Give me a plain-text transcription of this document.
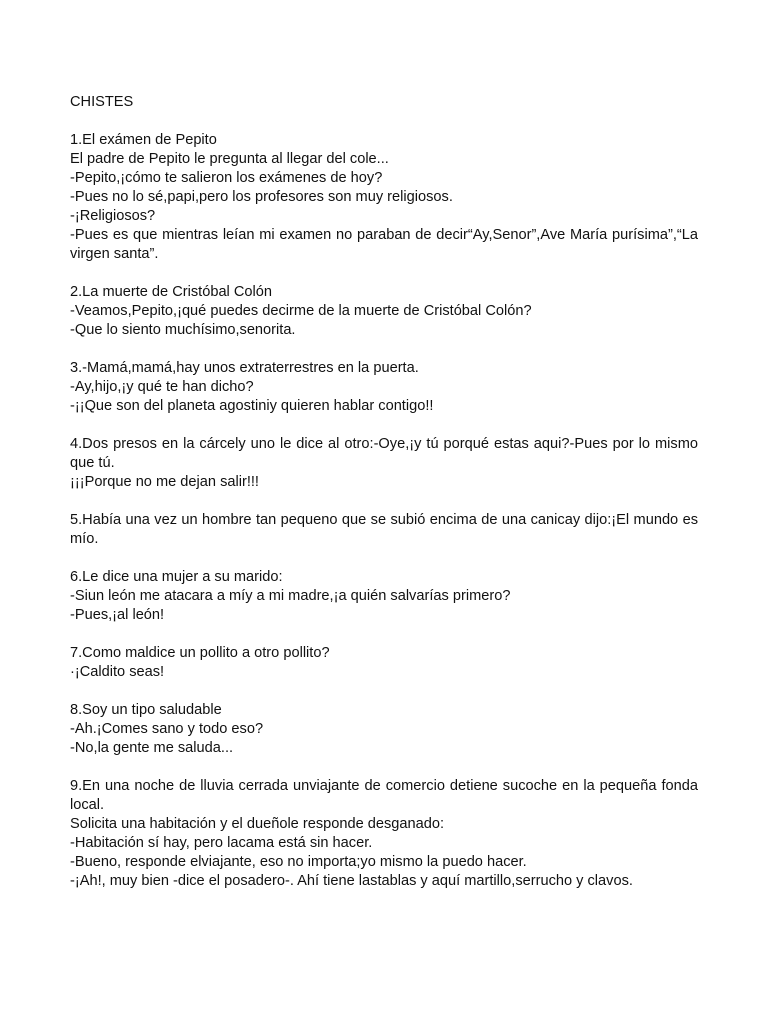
CHISTES
1.El exámen de Pepito
El padre de Pepito le pregunta al llegar del cole...
-Pepito,¡cómo te salieron los exámenes de hoy?
-Pues no lo sé,papi,pero los profesores son muy religiosos.
-¡Religiosos?
-Pues es que mientras leían mi examen no paraban de decir“Ay,Senor”,Ave María purísima”,“La virgen santa”.
2.La muerte de Cristóbal Colón
-Veamos,Pepito,¡qué puedes decirme de la muerte de Cristóbal Colón?
-Que lo siento muchísimo,senorita.
3.-Mamá,mamá,hay unos extraterrestres en la puerta.
-Ay,hijo,¡y qué te han dicho?
-¡¡Que son del planeta agostiniy quieren hablar contigo!!
4.Dos presos en la cárcely uno le dice al otro:-Oye,¡y tú porqué estas aqui?-Pues por lo mismo que tú.
¡¡¡Porque no me dejan salir!!!
5.Había una vez un hombre tan pequeno que se subió encima de una canicay dijo:¡El mundo es mío.
6.Le dice una mujer a su marido:
-Siun león me atacara a míy a mi madre,¡a quién salvarías primero?
-Pues,¡al león!
7.Como maldice un pollito a otro pollito?
·¡Caldito seas!
8.Soy un tipo saludable
-Ah.¡Comes sano y todo eso?
-No,la gente me saluda...
9.En una noche de lluvia cerrada unviajante de comercio detiene sucoche en la pequeña fonda local.
Solicita una habitación y el dueñole responde desganado:
-Habitación sí hay, pero lacama está sin hacer.
-Bueno, responde elviajante, eso no importa;yo mismo la puedo hacer.
-¡Ah!, muy bien -dice el posadero-. Ahí tiene lastablas y aquí martillo,serrucho y clavos.
